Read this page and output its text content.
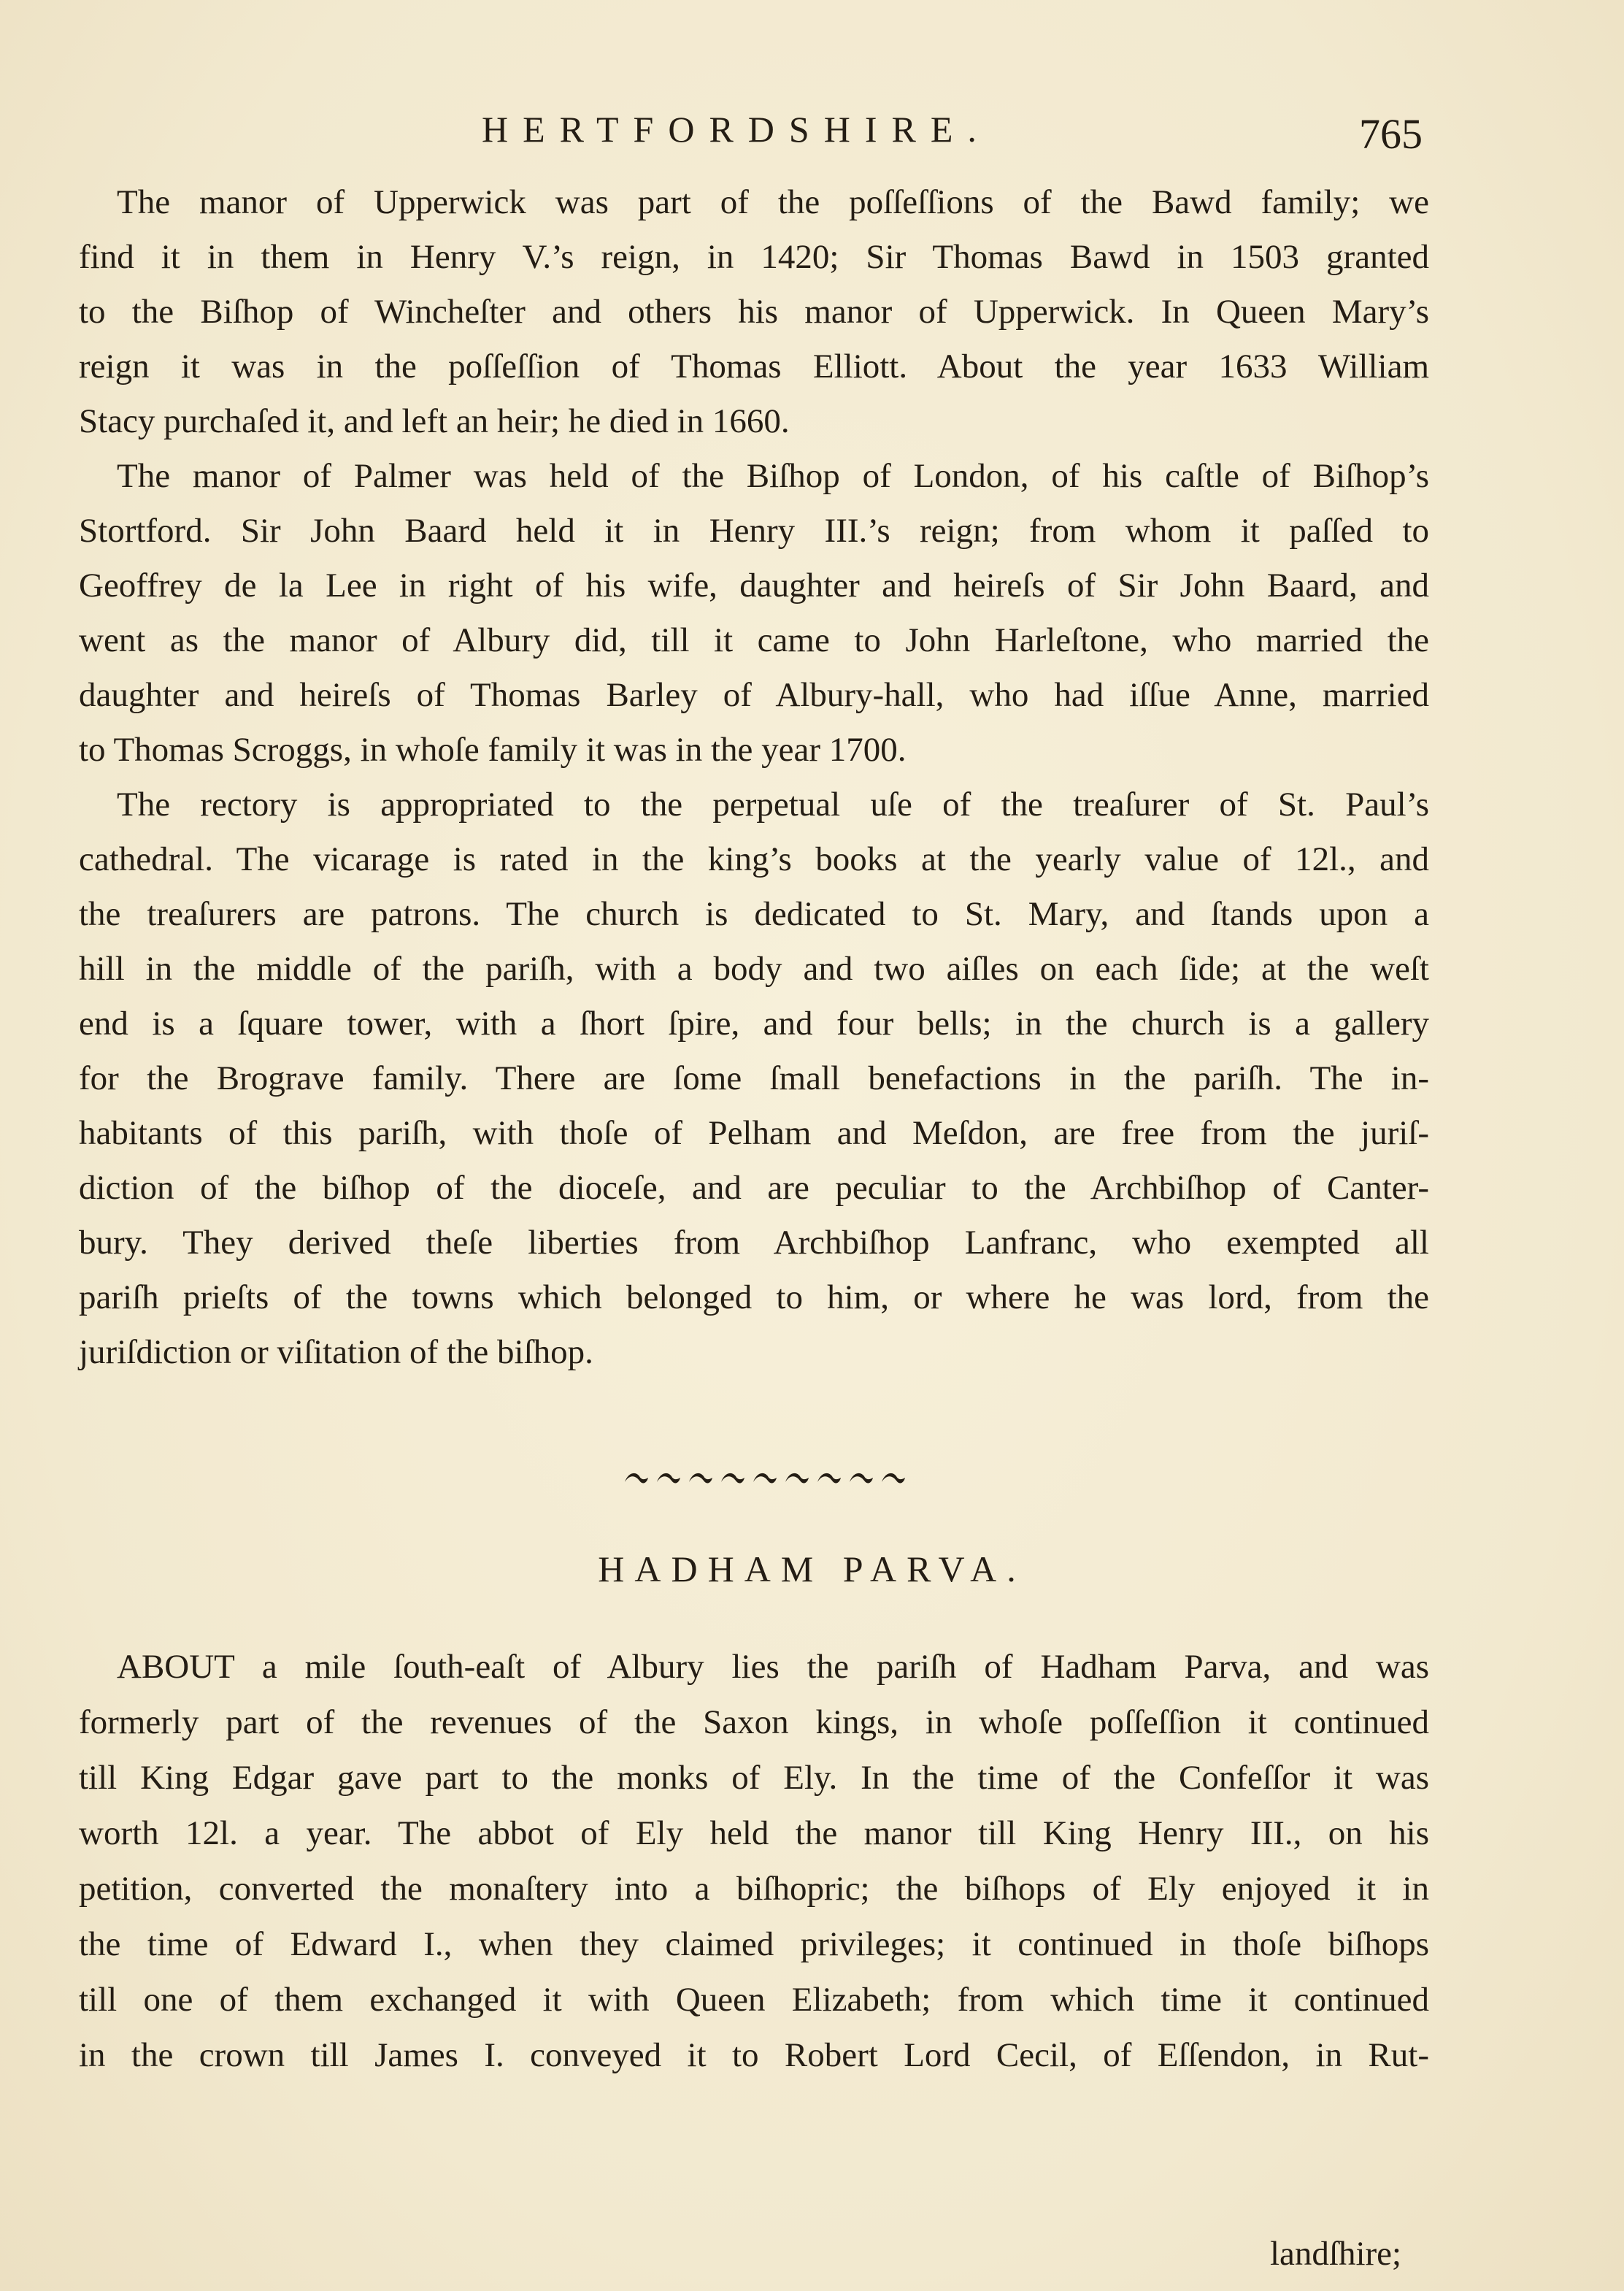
HERTFORDSHIRE.	765

The manor of Upperwick was part of the poſſeſſions of the Bawd family; we

find it in them in Henry V.’s reign, in 1420; Sir Thomas Bawd in 1503 granted

to the Biſhop of Wincheſter and others his manor of Upperwick. In Queen Mary’s

reign it was in the poſſeſſion of Thomas Elliott. About the year 1633 William

Stacy purchaſed it, and left an heir; he died in 1660.

The manor of Palmer was held of the Biſhop of London, of his caſtle of Biſhop’s

Stortford. Sir John Baard held it in Henry III.’s reign; from whom it paſſed to

Geoffrey de la Lee in right of his wife, daughter and heireſs of Sir John Baard, and

went as the manor of Albury did, till it came to John Harleſtone, who married the

daughter and heireſs of Thomas Barley of Albury-hall, who had iſſue Anne, married

to Thomas Scroggs, in whoſe family it was in the year 1700.

The rectory is appropriated to the perpetual uſe of the treaſurer of St. Paul’s

cathedral. The vicarage is rated in the king’s books at the yearly value of 12l., and

the treaſurers are patrons. The church is dedicated to St. Mary, and ſtands upon a

hill in the middle of the pariſh, with a body and two aiſles on each ſide; at the weſt

end is a ſquare tower, with a ſhort ſpire, and four bells; in the church is a gallery

for the Brograve family. There are ſome ſmall benefactions in the pariſh. The in-

habitants of this pariſh, with thoſe of Pelham and Meſdon, are free from the juriſ-

diction of the biſhop of the dioceſe, and are peculiar to the Archbiſhop of Canter-

bury. They derived theſe liberties from Archbiſhop Lanfranc, who exempted all

pariſh prieſts of the towns which belonged to him, or where he was lord, from the

juriſdiction or viſitation of the biſhop.

HADHAM PARVA.

ABOUT a mile ſouth-eaſt of Albury lies the pariſh of Hadham Parva, and was

formerly part of the revenues of the Saxon kings, in whoſe poſſeſſion it continued

till King Edgar gave part to the monks of Ely. In the time of the Confeſſor it was

worth 12l. a year. The abbot of Ely held the manor till King Henry III., on his

petition, converted the monaſtery into a biſhopric; the biſhops of Ely enjoyed it in

the time of Edward I., when they claimed privileges; it continued in thoſe biſhops

till one of them exchanged it with Queen Elizabeth; from which time it continued

in the crown till James I. conveyed it to Robert Lord Cecil, of Eſſendon, in Rut-

landſhire;
